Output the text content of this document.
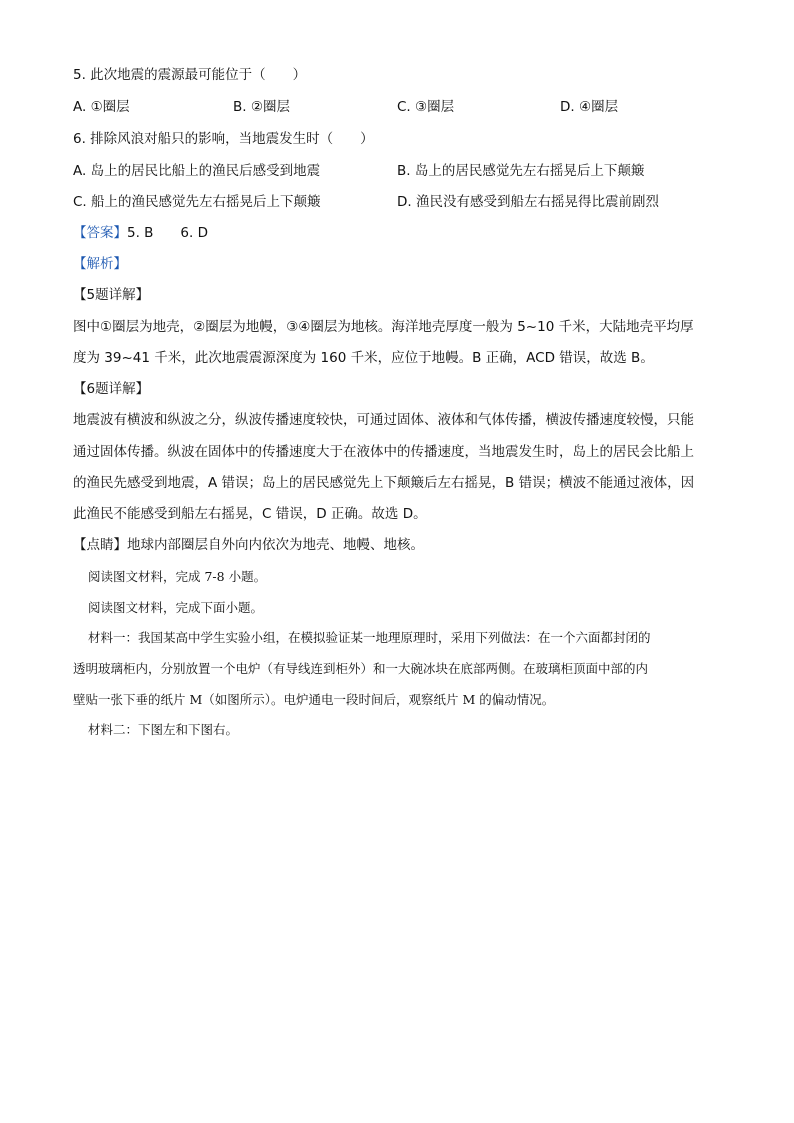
5. 此次地震的震源最可能位于（　　）
A. ①圈层	B. ②圈层	C. ③圈层	D. ④圈层
6. 排除风浪对船只的影响，当地震发生时（　　）
A. 岛上的居民比船上的渔民后感受到地震	B. 岛上的居民感觉先左右摇晃后上下颠簸
C. 船上的渔民感觉先左右摇晃后上下颠簸	D. 渔民没有感受到船左右摇晃得比震前剧烈
【答案】5. B　　6. D
【解析】
【5题详解】
图中①圈层为地壳，②圈层为地幔，③④圈层为地核。海洋地壳厚度一般为 5~10 千米，大陆地壳平均厚
度为 39~41 千米，此次地震震源深度为 160 千米，应位于地幔。B 正确，ACD 错误，故选 B。
【6题详解】
地震波有横波和纵波之分，纵波传播速度较快，可通过固体、液体和气体传播，横波传播速度较慢，只能
通过固体传播。纵波在固体中的传播速度大于在液体中的传播速度，当地震发生时，岛上的居民会比船上
的渔民先感受到地震，A 错误；岛上的居民感觉先上下颠簸后左右摇晃，B 错误；横波不能通过液体，因
此渔民不能感受到船左右摇晃，C 错误，D 正确。故选 D。
【点睛】地球内部圈层自外向内依次为地壳、地幔、地核。
阅读图文材料，完成 7-8 小题。
阅读图文材料，完成下面小题。
材料一：我国某高中学生实验小组，在模拟验证某一地理原理时，采用下列做法：在一个六面都封闭的
透明玻璃柜内，分别放置一个电炉（有导线连到柜外）和一大碗冰块在底部两侧。在玻璃柜顶面中部的内
壁贴一张下垂的纸片 M（如图所示）。电炉通电一段时间后，观察纸片 M 的偏动情况。
材料二：下图左和下图右。
